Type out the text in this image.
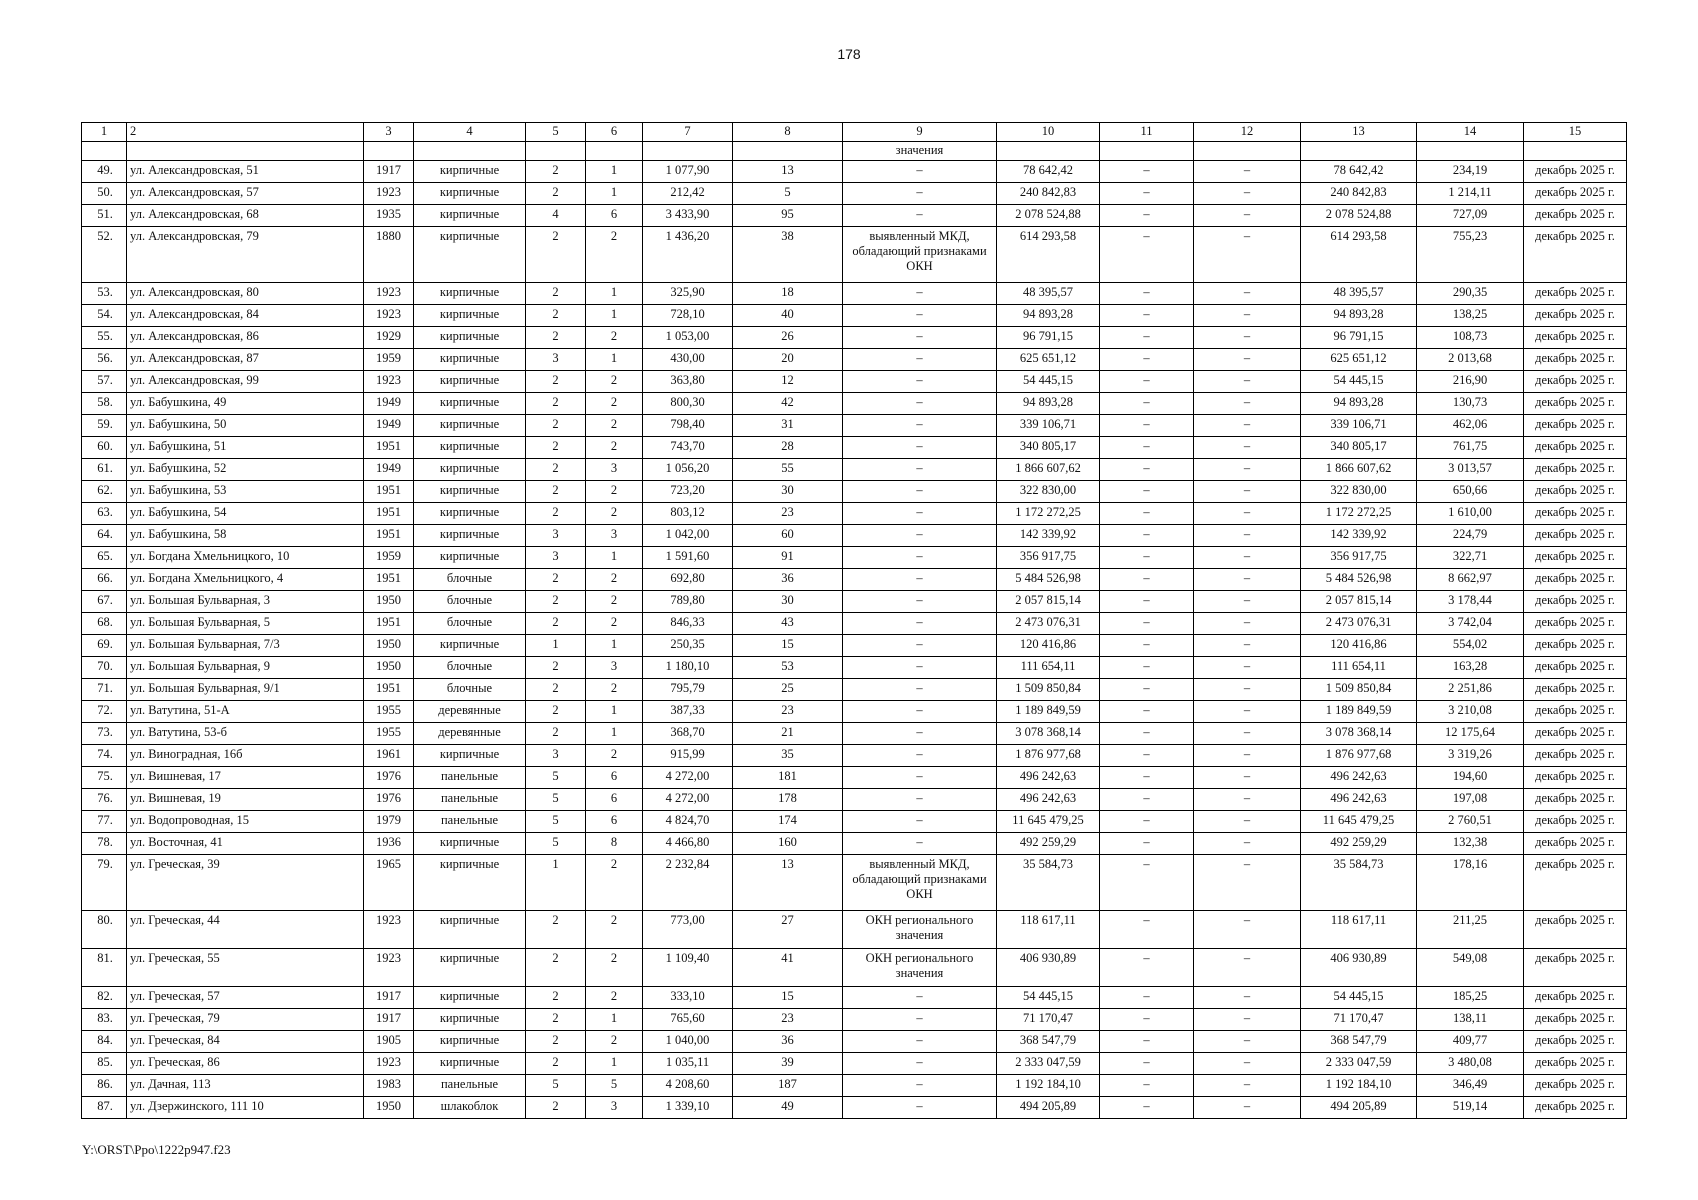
178
1	2	3	4	5	6	7	8	9	10	11	12	13	14	15
								значения						
49.	ул. Александровская, 51	1917	кирпичные	2	1	1 077,90	13	–	78 642,42	–	–	78 642,42	234,19	декабрь 2025 г.
50.	ул. Александровская, 57	1923	кирпичные	2	1	212,42	5	–	240 842,83	–	–	240 842,83	1 214,11	декабрь 2025 г.
51.	ул. Александровская, 68	1935	кирпичные	4	6	3 433,90	95	–	2 078 524,88	–	–	2 078 524,88	727,09	декабрь 2025 г.
52.	ул. Александровская, 79	1880	кирпичные	2	2	1 436,20	38	выявленный МКД, обладающий признаками ОКН	614 293,58	–	–	614 293,58	755,23	декабрь 2025 г.
53.	ул. Александровская, 80	1923	кирпичные	2	1	325,90	18	–	48 395,57	–	–	48 395,57	290,35	декабрь 2025 г.
54.	ул. Александровская, 84	1923	кирпичные	2	1	728,10	40	–	94 893,28	–	–	94 893,28	138,25	декабрь 2025 г.
55.	ул. Александровская, 86	1929	кирпичные	2	2	1 053,00	26	–	96 791,15	–	–	96 791,15	108,73	декабрь 2025 г.
56.	ул. Александровская, 87	1959	кирпичные	3	1	430,00	20	–	625 651,12	–	–	625 651,12	2 013,68	декабрь 2025 г.
57.	ул. Александровская, 99	1923	кирпичные	2	2	363,80	12	–	54 445,15	–	–	54 445,15	216,90	декабрь 2025 г.
58.	ул. Бабушкина, 49	1949	кирпичные	2	2	800,30	42	–	94 893,28	–	–	94 893,28	130,73	декабрь 2025 г.
59.	ул. Бабушкина, 50	1949	кирпичные	2	2	798,40	31	–	339 106,71	–	–	339 106,71	462,06	декабрь 2025 г.
60.	ул. Бабушкина, 51	1951	кирпичные	2	2	743,70	28	–	340 805,17	–	–	340 805,17	761,75	декабрь 2025 г.
61.	ул. Бабушкина, 52	1949	кирпичные	2	3	1 056,20	55	–	1 866 607,62	–	–	1 866 607,62	3 013,57	декабрь 2025 г.
62.	ул. Бабушкина, 53	1951	кирпичные	2	2	723,20	30	–	322 830,00	–	–	322 830,00	650,66	декабрь 2025 г.
63.	ул. Бабушкина, 54	1951	кирпичные	2	2	803,12	23	–	1 172 272,25	–	–	1 172 272,25	1 610,00	декабрь 2025 г.
64.	ул. Бабушкина, 58	1951	кирпичные	3	3	1 042,00	60	–	142 339,92	–	–	142 339,92	224,79	декабрь 2025 г.
65.	ул. Богдана Хмельницкого, 10	1959	кирпичные	3	1	1 591,60	91	–	356 917,75	–	–	356 917,75	322,71	декабрь 2025 г.
66.	ул. Богдана Хмельницкого, 4	1951	блочные	2	2	692,80	36	–	5 484 526,98	–	–	5 484 526,98	8 662,97	декабрь 2025 г.
67.	ул. Большая Бульварная, 3	1950	блочные	2	2	789,80	30	–	2 057 815,14	–	–	2 057 815,14	3 178,44	декабрь 2025 г.
68.	ул. Большая Бульварная, 5	1951	блочные	2	2	846,33	43	–	2 473 076,31	–	–	2 473 076,31	3 742,04	декабрь 2025 г.
69.	ул. Большая Бульварная, 7/3	1950	кирпичные	1	1	250,35	15	–	120 416,86	–	–	120 416,86	554,02	декабрь 2025 г.
70.	ул. Большая Бульварная, 9	1950	блочные	2	3	1 180,10	53	–	111 654,11	–	–	111 654,11	163,28	декабрь 2025 г.
71.	ул. Большая Бульварная, 9/1	1951	блочные	2	2	795,79	25	–	1 509 850,84	–	–	1 509 850,84	2 251,86	декабрь 2025 г.
72.	ул. Ватутина, 51-А	1955	деревянные	2	1	387,33	23	–	1 189 849,59	–	–	1 189 849,59	3 210,08	декабрь 2025 г.
73.	ул. Ватутина, 53-б	1955	деревянные	2	1	368,70	21	–	3 078 368,14	–	–	3 078 368,14	12 175,64	декабрь 2025 г.
74.	ул. Виноградная, 16б	1961	кирпичные	3	2	915,99	35	–	1 876 977,68	–	–	1 876 977,68	3 319,26	декабрь 2025 г.
75.	ул. Вишневая, 17	1976	панельные	5	6	4 272,00	181	–	496 242,63	–	–	496 242,63	194,60	декабрь 2025 г.
76.	ул. Вишневая, 19	1976	панельные	5	6	4 272,00	178	–	496 242,63	–	–	496 242,63	197,08	декабрь 2025 г.
77.	ул. Водопроводная, 15	1979	панельные	5	6	4 824,70	174	–	11 645 479,25	–	–	11 645 479,25	2 760,51	декабрь 2025 г.
78.	ул. Восточная, 41	1936	кирпичные	5	8	4 466,80	160	–	492 259,29	–	–	492 259,29	132,38	декабрь 2025 г.
79.	ул. Греческая, 39	1965	кирпичные	1	2	2 232,84	13	выявленный МКД, обладающий признаками ОКН	35 584,73	–	–	35 584,73	178,16	декабрь 2025 г.
80.	ул. Греческая, 44	1923	кирпичные	2	2	773,00	27	ОКН регионального значения	118 617,11	–	–	118 617,11	211,25	декабрь 2025 г.
81.	ул. Греческая, 55	1923	кирпичные	2	2	1 109,40	41	ОКН регионального значения	406 930,89	–	–	406 930,89	549,08	декабрь 2025 г.
82.	ул. Греческая, 57	1917	кирпичные	2	2	333,10	15	–	54 445,15	–	–	54 445,15	185,25	декабрь 2025 г.
83.	ул. Греческая, 79	1917	кирпичные	2	1	765,60	23	–	71 170,47	–	–	71 170,47	138,11	декабрь 2025 г.
84.	ул. Греческая, 84	1905	кирпичные	2	2	1 040,00	36	–	368 547,79	–	–	368 547,79	409,77	декабрь 2025 г.
85.	ул. Греческая, 86	1923	кирпичные	2	1	1 035,11	39	–	2 333 047,59	–	–	2 333 047,59	3 480,08	декабрь 2025 г.
86.	ул. Дачная, 113	1983	панельные	5	5	4 208,60	187	–	1 192 184,10	–	–	1 192 184,10	346,49	декабрь 2025 г.
87.	ул. Дзержинского, 111 10	1950	шлакоблок	2	3	1 339,10	49	–	494 205,89	–	–	494 205,89	519,14	декабрь 2025 г.
Y:\ORST\Ppo\1222p947.f23
